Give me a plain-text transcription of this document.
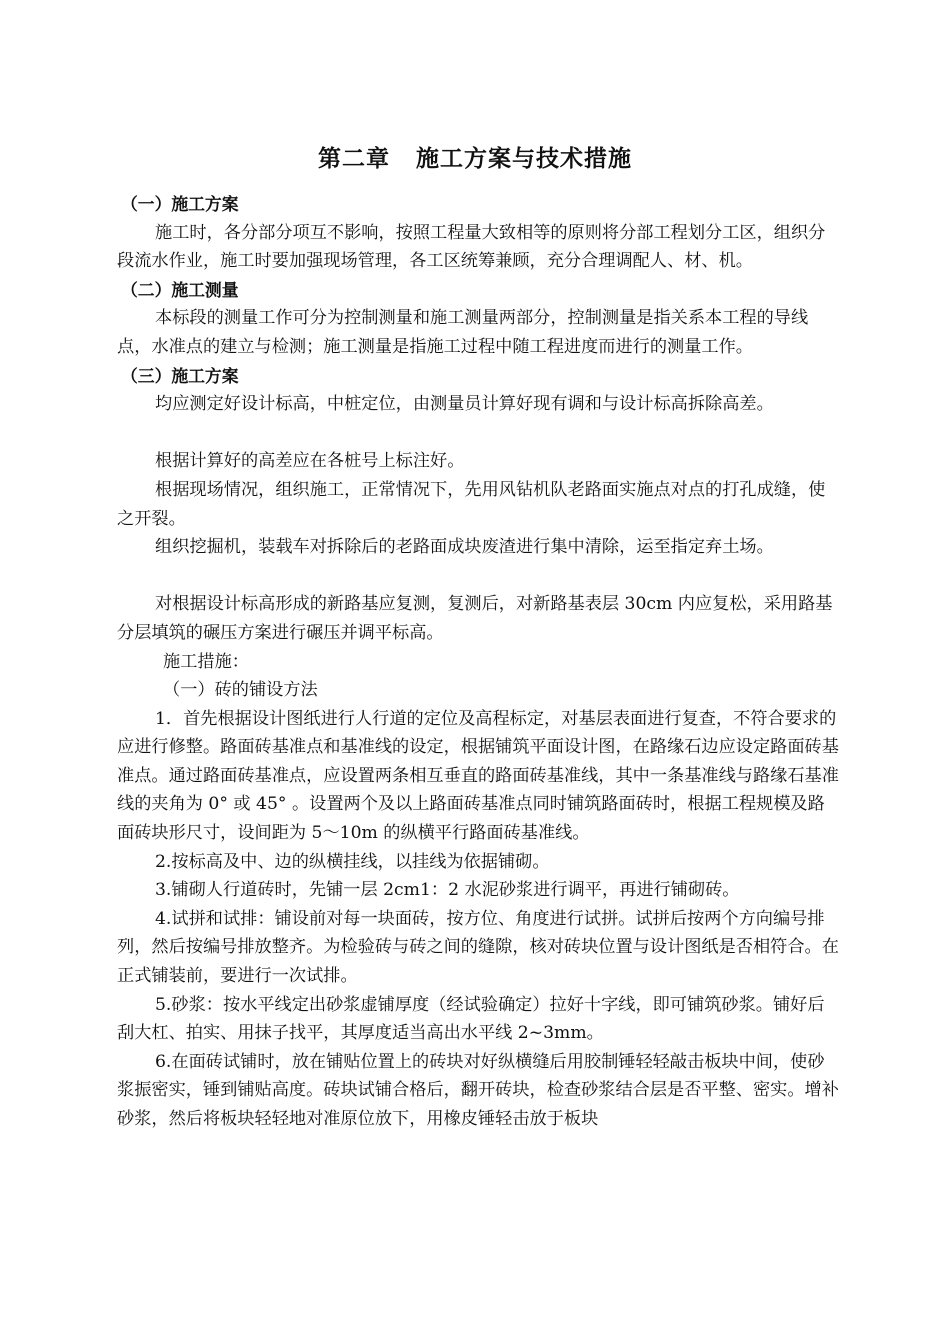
第二章 施工方案与技术措施

（一）施工方案

施工时，各分部分项互不影响，按照工程量大致相等的原则将分部工程划分工区，组织分段流水作业，施工时要加强现场管理，各工区统筹兼顾，充分合理调配人、材、机。

（二）施工测量

本标段的测量工作可分为控制测量和施工测量两部分，控制测量是指关系本工程的导线点，水准点的建立与检测；施工测量是指施工过程中随工程进度而进行的测量工作。

（三）施工方案

均应测定好设计标高，中桩定位，由测量员计算好现有调和与设计标高拆除高差。

根据计算好的高差应在各桩号上标注好。

根据现场情况，组织施工，正常情况下，先用风钻机队老路面实施点对点的打孔成缝，使之开裂。

组织挖掘机，装载车对拆除后的老路面成块废渣进行集中清除，运至指定弃土场。

对根据设计标高形成的新路基应复测，复测后，对新路基表层 30cm 内应复松，采用路基分层填筑的碾压方案进行碾压并调平标高。

施工措施：

（一）砖的铺设方法

1．首先根据设计图纸进行人行道的定位及高程标定，对基层表面进行复查，不符合要求的应进行修整。路面砖基准点和基准线的设定，根据铺筑平面设计图，在路缘石边应设定路面砖基准点。通过路面砖基准点，应设置两条相互垂直的路面砖基准线，其中一条基准线与路缘石基准线的夹角为 0° 或 45° 。设置两个及以上路面砖基准点同时铺筑路面砖时，根据工程规模及路面砖块形尺寸，设间距为 5～10m 的纵横平行路面砖基准线。

2.按标高及中、边的纵横挂线，以挂线为依据铺砌。

3.铺砌人行道砖时，先铺一层 2cm1：2 水泥砂浆进行调平，再进行铺砌砖。

4.试拼和试排：铺设前对每一块面砖，按方位、角度进行试拼。试拼后按两个方向编号排列，然后按编号排放整齐。为检验砖与砖之间的缝隙，核对砖块位置与设计图纸是否相符合。在正式铺装前，要进行一次试排。

5.砂浆：按水平线定出砂浆虚铺厚度（经试验确定）拉好十字线，即可铺筑砂浆。铺好后刮大杠、拍实、用抹子找平，其厚度适当高出水平线 2~3mm。

6.在面砖试铺时，放在铺贴位置上的砖块对好纵横缝后用胶制锤轻轻敲击板块中间，使砂浆振密实，锤到铺贴高度。砖块试铺合格后，翻开砖块，检查砂浆结合层是否平整、密实。增补砂浆，然后将板块轻轻地对准原位放下，用橡皮锤轻击放于板块
